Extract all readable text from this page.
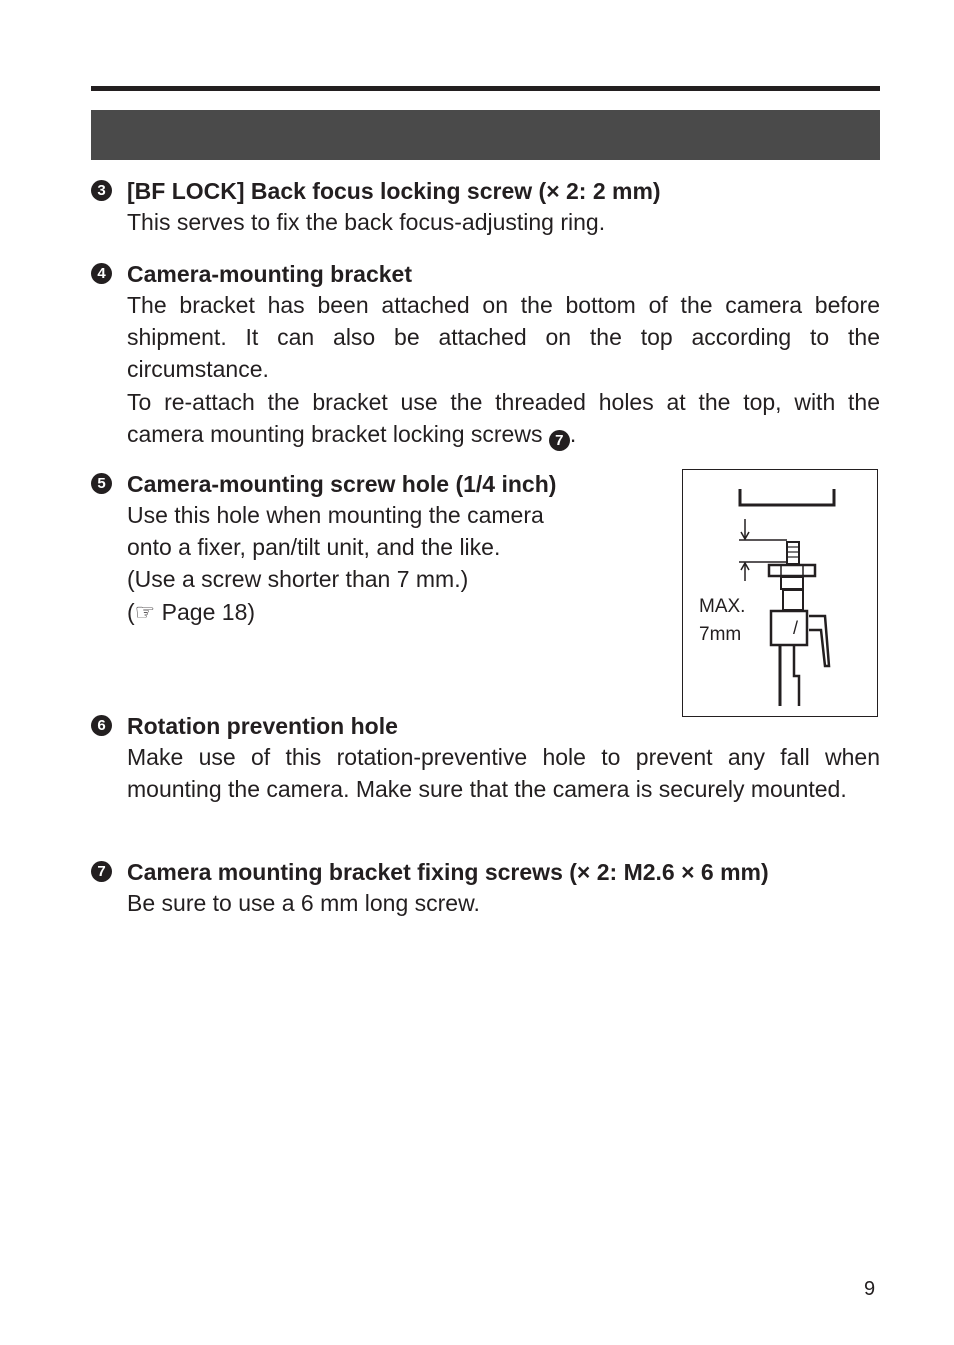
3 [BF LOCK] Back focus locking screw (× 2: 2 mm)
This serves to fix the back focus-adjusting ring.
4 Camera-mounting bracket
The bracket has been attached on the bottom of the camera before shipment. It can also be attached on the top according to the circumstance.
To re-attach the bracket use the threaded holes at the top, with the camera mounting bracket locking screws 7 .
5 Camera-mounting screw hole (1/4 inch)
Use this hole when mounting the camera
onto a fixer, pan/tilt unit, and the like.
(Use a screw shorter than 7 mm.)
(☞ Page 18)
/
MAX.
7mm
6 Rotation prevention hole
Make use of this rotation-preventive hole to prevent any fall when mounting the camera. Make sure that the camera is securely mounted.
7 Camera mounting bracket fixing screws (× 2: M2.6 × 6 mm)
Be sure to use a 6 mm long screw.
9
